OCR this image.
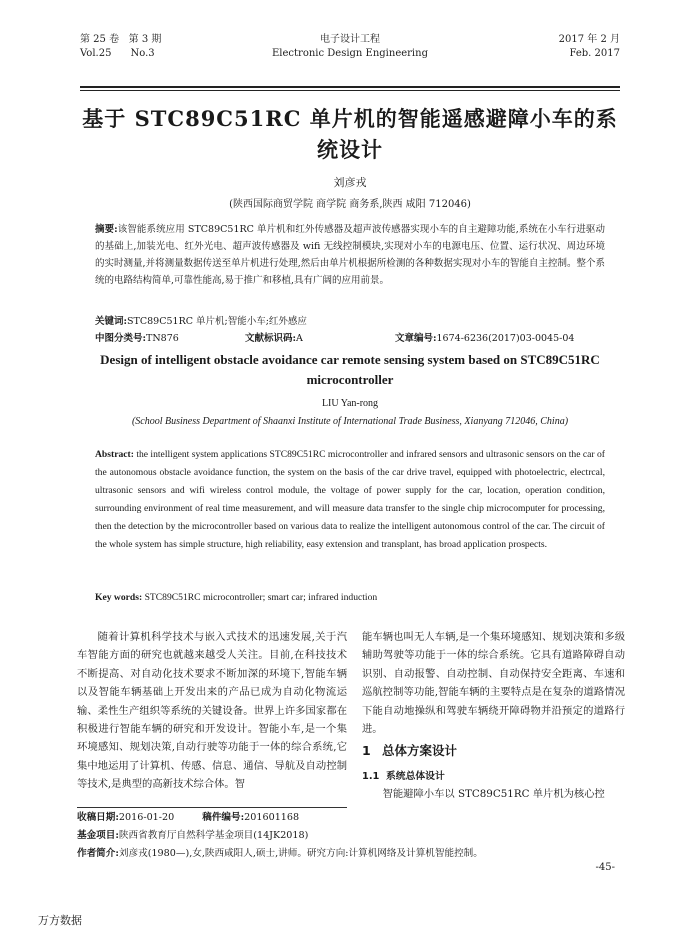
第 25 卷 第 3 期
Vol.25 No.3
电子设计工程
Electronic Design Engineering
2017 年 2 月
Feb. 2017
基于 STC89C51RC 单片机的智能遥感避障小车的系统设计
刘彦戎
(陕西国际商贸学院 商学院 商务系,陕西 咸阳 712046)
摘要:该智能系统应用 STC89C51RC 单片机和红外传感器及超声波传感器实现小车的自主避障功能,系统在小车行进驱动的基础上,加装光电、红外光电、超声波传感器及 wifi 无线控制模块,实现对小车的电源电压、位置、运行状况、周边环境的实时测量,并将测量数据传送至单片机进行处理,然后由单片机根据所检测的各种数据实现对小车的智能自主控制。整个系统的电路结构简单,可靠性能高,易于推广和移植,具有广阔的应用前景。
关键词:STC89C51RC 单片机;智能小车;红外感应
中图分类号:TN876	文献标识码:A	文章编号:1674-6236(2017)03-0045-04
Design of intelligent obstacle avoidance car remote sensing system based on STC89C51RC microcontroller
LIU Yan-rong
(School Business Department of Shaanxi Institute of International Trade Business, Xianyang 712046, China)
Abstract: the intelligent system applications STC89C51RC microcontroller and infrared sensors and ultrasonic sensors on the car of the autonomous obstacle avoidance function, the system on the basis of the car drive travel, equipped with photoelectric, electrcal, ultrasonic sensors and wifi wireless control module, the voltage of power supply for the car, location, operation condition, surrounding environment of real time measurement, and will measure data transfer to the single chip microcomputer for processing, then the detection by the microcontroller based on various data to realize the intelligent autonomous control of the car. The circuit of the whole system has simple structure, high reliability, easy extension and transplant, has broad application prospects.
Key words: STC89C51RC microcontroller; smart car; infrared induction
随着计算机科学技术与嵌入式技术的迅速发展,关于汽车智能方面的研究也就越来越受人关注。目前,在科技技术不断提高、对自动化技术要求不断加深的环境下,智能车辆以及智能车辆基础上开发出来的产品已成为自动化物流运输、柔性生产组织等系统的关键设备。世界上许多国家都在积极进行智能车辆的研究和开发设计。智能小车,是一个集环境感知、规划决策,自动行驶等功能于一体的综合系统,它集中地运用了计算机、传感、信息、通信、导航及自动控制等技术,是典型的高新技术综合体。智
能车辆也叫无人车辆,是一个集环境感知、规划决策和多级辅助驾驶等功能于一体的综合系统。它具有道路障碍自动识别、自动报警、自动控制、自动保持安全距离、车速和巡航控制等功能,智能车辆的主要特点是在复杂的道路情况下能自动地操纵和驾驶车辆绕开障碍物并沿预定的道路行进。
1 总体方案设计
1.1 系统总体设计
智能避障小车以 STC89C51RC 单片机为核心控
收稿日期:2016-01-20	稿件编号:201601168
基金项目:陕西省教育厅自然科学基金项目(14JK2018)
作者简介:刘彦戎(1980—),女,陕西咸阳人,硕士,讲师。研究方向:计算机网络及计算机智能控制。
-45-
万方数据
